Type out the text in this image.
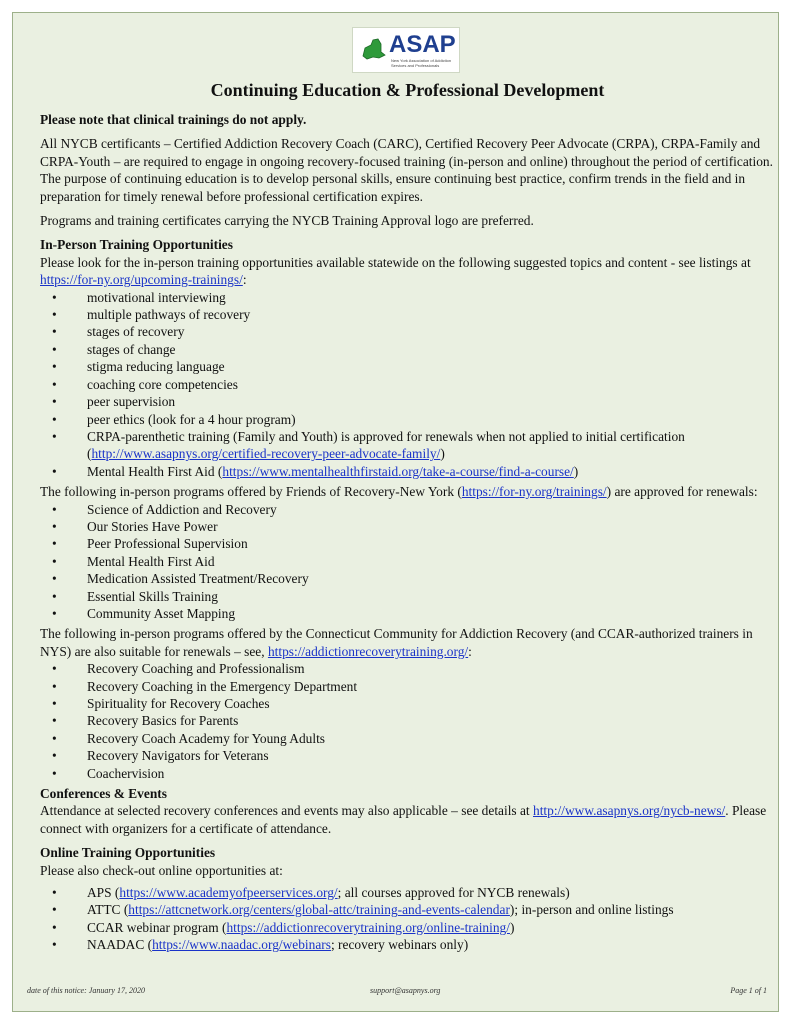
ASAP
New York Association of Addiction Services and Professionals
Continuing Education & Professional Development

Please note that clinical trainings do not apply.

All NYCB certificants – Certified Addiction Recovery Coach (CARC), Certified Recovery Peer Advocate (CRPA), CRPA-Family and CRPA-Youth – are required to engage in ongoing recovery-focused training (in-person and online) throughout the period of certification. The purpose of continuing education is to develop personal skills, ensure continuing best practice, confirm trends in the field and in preparation for timely renewal before professional certification expires.

Programs and training certificates carrying the NYCB Training Approval logo are preferred.

In-Person Training Opportunities

Please look for the in-person training opportunities available statewide on the following suggested topics and content - see listings at https://for-ny.org/upcoming-trainings/:
• motivational interviewing
• multiple pathways of recovery
• stages of recovery
• stages of change
• stigma reducing language
• coaching core competencies
• peer supervision
• peer ethics (look for a 4 hour program)
• CRPA-parenthetic training (Family and Youth) is approved for renewals when not applied to initial certification (http://www.asapnys.org/certified-recovery-peer-advocate-family/)
• Mental Health First Aid (https://www.mentalhealthfirstaid.org/take-a-course/find-a-course/)
The following in-person programs offered by Friends of Recovery-New York (https://for-ny.org/trainings/) are approved for renewals:
• Science of Addiction and Recovery
• Our Stories Have Power
• Peer Professional Supervision
• Mental Health First Aid
• Medication Assisted Treatment/Recovery
• Essential Skills Training
• Community Asset Mapping
The following in-person programs offered by the Connecticut Community for Addiction Recovery (and CCAR-authorized trainers in NYS) are also suitable for renewals – see, https://addictionrecoverytraining.org/:
• Recovery Coaching and Professionalism
• Recovery Coaching in the Emergency Department
• Spirituality for Recovery Coaches
• Recovery Basics for Parents
• Recovery Coach Academy for Young Adults
• Recovery Navigators for Veterans
• Coachervision

Conferences & Events

Attendance at selected recovery conferences and events may also applicable – see details at http://www.asapnys.org/nycb-news/. Please connect with organizers for a certificate of attendance.

Online Training Opportunities

Please also check-out online opportunities at:

• APS (https://www.academyofpeerservices.org/; all courses approved for NYCB renewals)
• ATTC (https://attcnetwork.org/centers/global-attc/training-and-events-calendar); in-person and online listings
• CCAR webinar program (https://addictionrecoverytraining.org/online-training/)
• NAADAC (https://www.naadac.org/webinars; recovery webinars only)
date of this notice: January 17, 2020	support@asapnys.org	Page 1 of 1
